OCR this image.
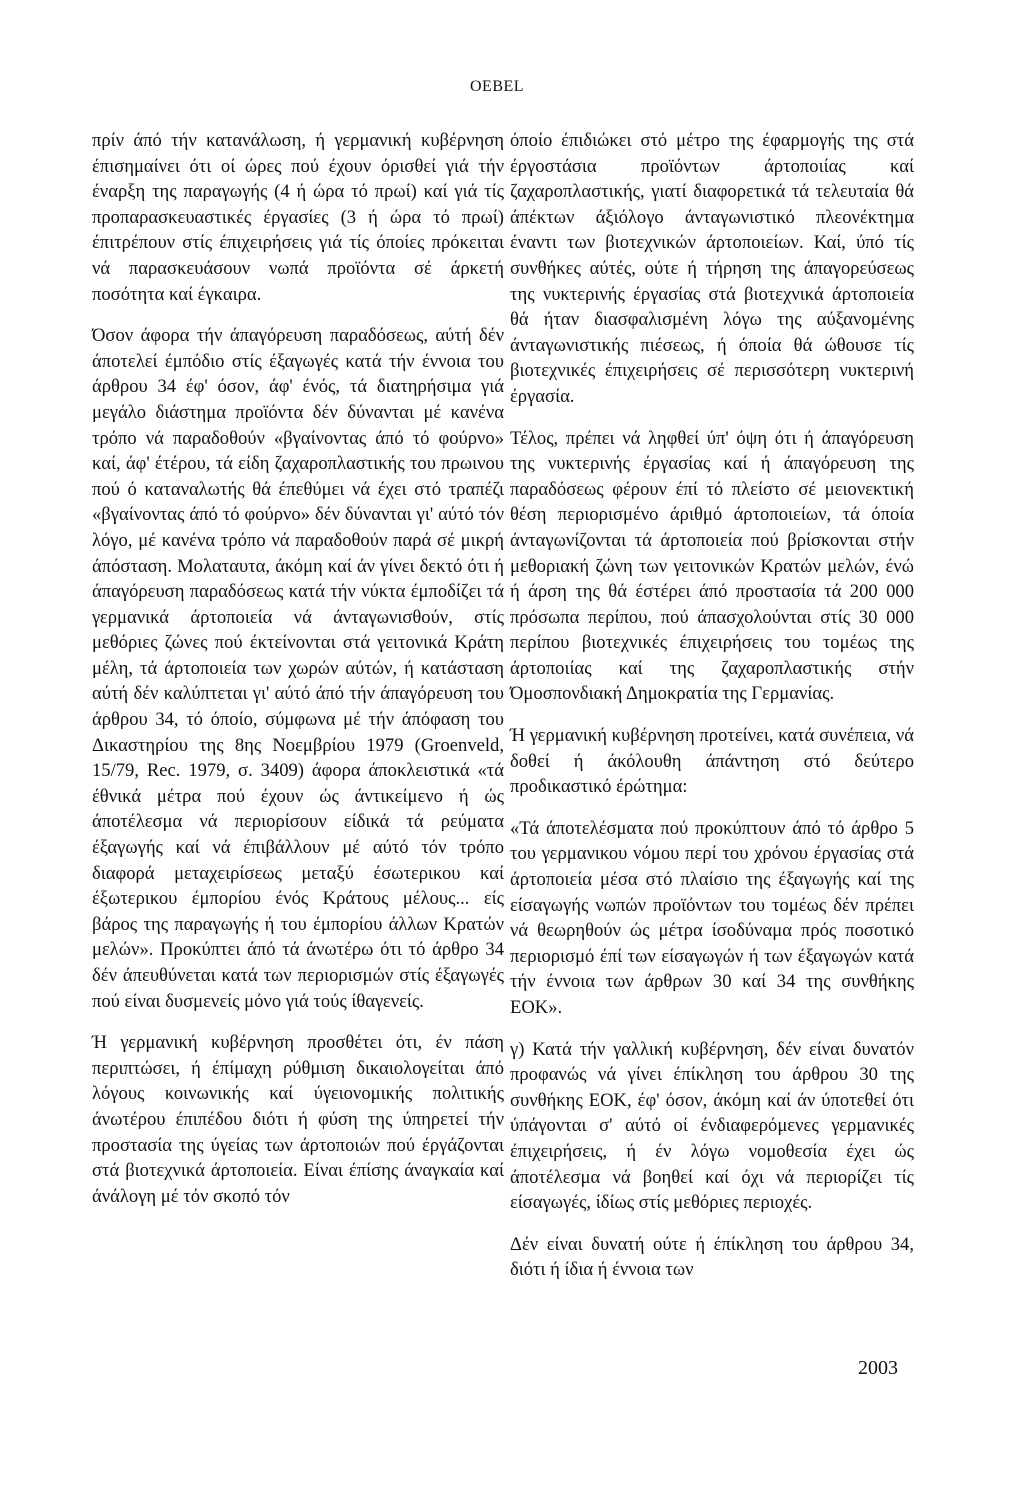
OEBEL

πρίν άπό τήν κατανάλωση, ή γερμανική κυβέρνηση έπισημαίνει ότι οί ώρες πού έχουν όρισθεί γιά τήν έναρξη της παραγωγής (4 ή ώρα τό πρωί) καί γιά τίς προπαρασκευαστικές έργασίες (3 ή ώρα τό πρωί) έπιτρέπουν στίς έπιχειρήσεις γιά τίς όποίες πρόκειται νά παρασκευάσουν νωπά προϊόντα σέ άρκετή ποσότητα καί έγκαιρα.

Όσον άφορα τήν άπαγόρευση παραδόσεως, αύτή δέν άποτελεί έμπόδιο στίς έξαγωγές κατά τήν έννοια του άρθρου 34 έφ' όσον, άφ' ένός, τά διατηρήσιμα γιά μεγάλο διάστημα προϊόντα δέν δύνανται μέ κανένα τρόπο νά παραδοθούν «βγαίνοντας άπό τό φούρνο» καί, άφ' έτέρου, τά είδη ζαχαροπλαστικής του πρωινου πού ό καταναλωτής θά έπεθύμει νά έχει στό τραπέζι «βγαίνοντας άπό τό φούρνο» δέν δύνανται γι' αύτό τόν λόγο, μέ κανένα τρόπο νά παραδοθούν παρά σέ μικρή άπόσταση. Μολαταυτα, άκόμη καί άν γίνει δεκτό ότι ή άπαγόρευση παραδόσεως κατά τήν νύκτα έμποδίζει τά γερμανικά άρτοποιεία νά άνταγωνισθούν, στίς μεθόριες ζώνες πού έκτείνονται στά γειτονικά Κράτη μέλη, τά άρτοποιεία των χωρών αύτών, ή κατάσταση αύτή δέν καλύπτεται γι' αύτό άπό τήν άπαγόρευση του άρθρου 34, τό όποίο, σύμφωνα μέ τήν άπόφαση του Δικαστηρίου της 8ης Νοεμβρίου 1979 (Groenveld, 15/79, Rec. 1979, σ. 3409) άφορα άποκλειστικά «τά έθνικά μέτρα πού έχουν ώς άντικείμενο ή ώς άποτέλεσμα νά περιορίσουν είδικά τά ρεύματα έξαγωγής καί νά έπιβάλλουν μέ αύτό τόν τρόπο διαφορά μεταχειρίσεως μεταξύ έσωτερικου καί έξωτερικου έμπορίου ένός Κράτους μέλους... είς βάρος της παραγωγής ή του έμπορίου άλλων Κρατών μελών». Προκύπτει άπό τά άνωτέρω ότι τό άρθρο 34 δέν άπευθύνεται κατά των περιορισμών στίς έξαγωγές πού είναι δυσμενείς μόνο γιά τούς ίθαγενείς.

Ή γερμανική κυβέρνηση προσθέτει ότι, έν πάση περιπτώσει, ή έπίμαχη ρύθμιση δικαιολογείται άπό λόγους κοινωνικής καί ύγειονομικής πολιτικής άνωτέρου έπιπέδου διότι ή φύση της ύπηρετεί τήν προστασία της ύγείας των άρτοποιών πού έργάζονται στά βιοτεχνικά άρτοποιεία. Είναι έπίσης άναγκαία καί άνάλογη μέ τόν σκοπό τόν

όποίο έπιδιώκει στό μέτρο της έφαρμογής της στά έργοστάσια προϊόντων άρτοποιίας καί ζαχαροπλαστικής, γιατί διαφορετικά τά τελευταία θά άπέκτων άξιόλογο άνταγωνιστικό πλεονέκτημα έναντι των βιοτεχνικών άρτοποιείων. Καί, ύπό τίς συνθήκες αύτές, ούτε ή τήρηση της άπαγορεύσεως της νυκτερινής έργασίας στά βιοτεχνικά άρτοποιεία θά ήταν διασφαλισμένη λόγω της αύξανομένης άνταγωνιστικής πιέσεως, ή όποία θά ώθουσε τίς βιοτεχνικές έπιχειρήσεις σέ περισσότερη νυκτερινή έργασία.

Τέλος, πρέπει νά ληφθεί ύπ' όψη ότι ή άπαγόρευση της νυκτερινής έργασίας καί ή άπαγόρευση της παραδόσεως φέρουν έπί τό πλείστο σέ μειονεκτική θέση περιορισμένο άριθμό άρτοποιείων, τά όποία άνταγωνίζονται τά άρτοποιεία πού βρίσκονται στήν μεθοριακή ζώνη των γειτονικών Κρατών μελών, ένώ ή άρση της θά έστέρει άπό προστασία τά 200 000 πρόσωπα περίπου, πού άπασχολούνται στίς 30 000 περίπου βιοτεχνικές έπιχειρήσεις του τομέως της άρτοποιίας καί της ζαχαροπλαστικής στήν Όμοσπονδιακή Δημοκρατία της Γερμανίας.

Ή γερμανική κυβέρνηση προτείνει, κατά συνέπεια, νά δοθεί ή άκόλουθη άπάντηση στό δεύτερο προδικαστικό έρώτημα:

«Τά άποτελέσματα πού προκύπτουν άπό τό άρθρο 5 του γερμανικου νόμου περί του χρόνου έργασίας στά άρτοποιεία μέσα στό πλαίσιο της έξαγωγής καί της είσαγωγής νωπών προϊόντων του τομέως δέν πρέπει νά θεωρηθούν ώς μέτρα ίσοδύναμα πρός ποσοτικό περιορισμό έπί των είσαγωγών ή των έξαγωγών κατά τήν έννοια των άρθρων 30 καί 34 της συνθήκης ΕΟΚ».

γ) Κατά τήν γαλλική κυβέρνηση, δέν είναι δυνατόν προφανώς νά γίνει έπίκληση του άρθρου 30 της συνθήκης ΕΟΚ, έφ' όσον, άκόμη καί άν ύποτεθεί ότι ύπάγονται σ' αύτό οί ένδιαφερόμενες γερμανικές έπιχειρήσεις, ή έν λόγω νομοθεσία έχει ώς άποτέλεσμα νά βοηθεί καί όχι νά περιορίζει τίς είσαγωγές, ίδίως στίς μεθόριες περιοχές.

Δέν είναι δυνατή ούτε ή έπίκληση του άρθρου 34, διότι ή ίδια ή έννοια των

2003
